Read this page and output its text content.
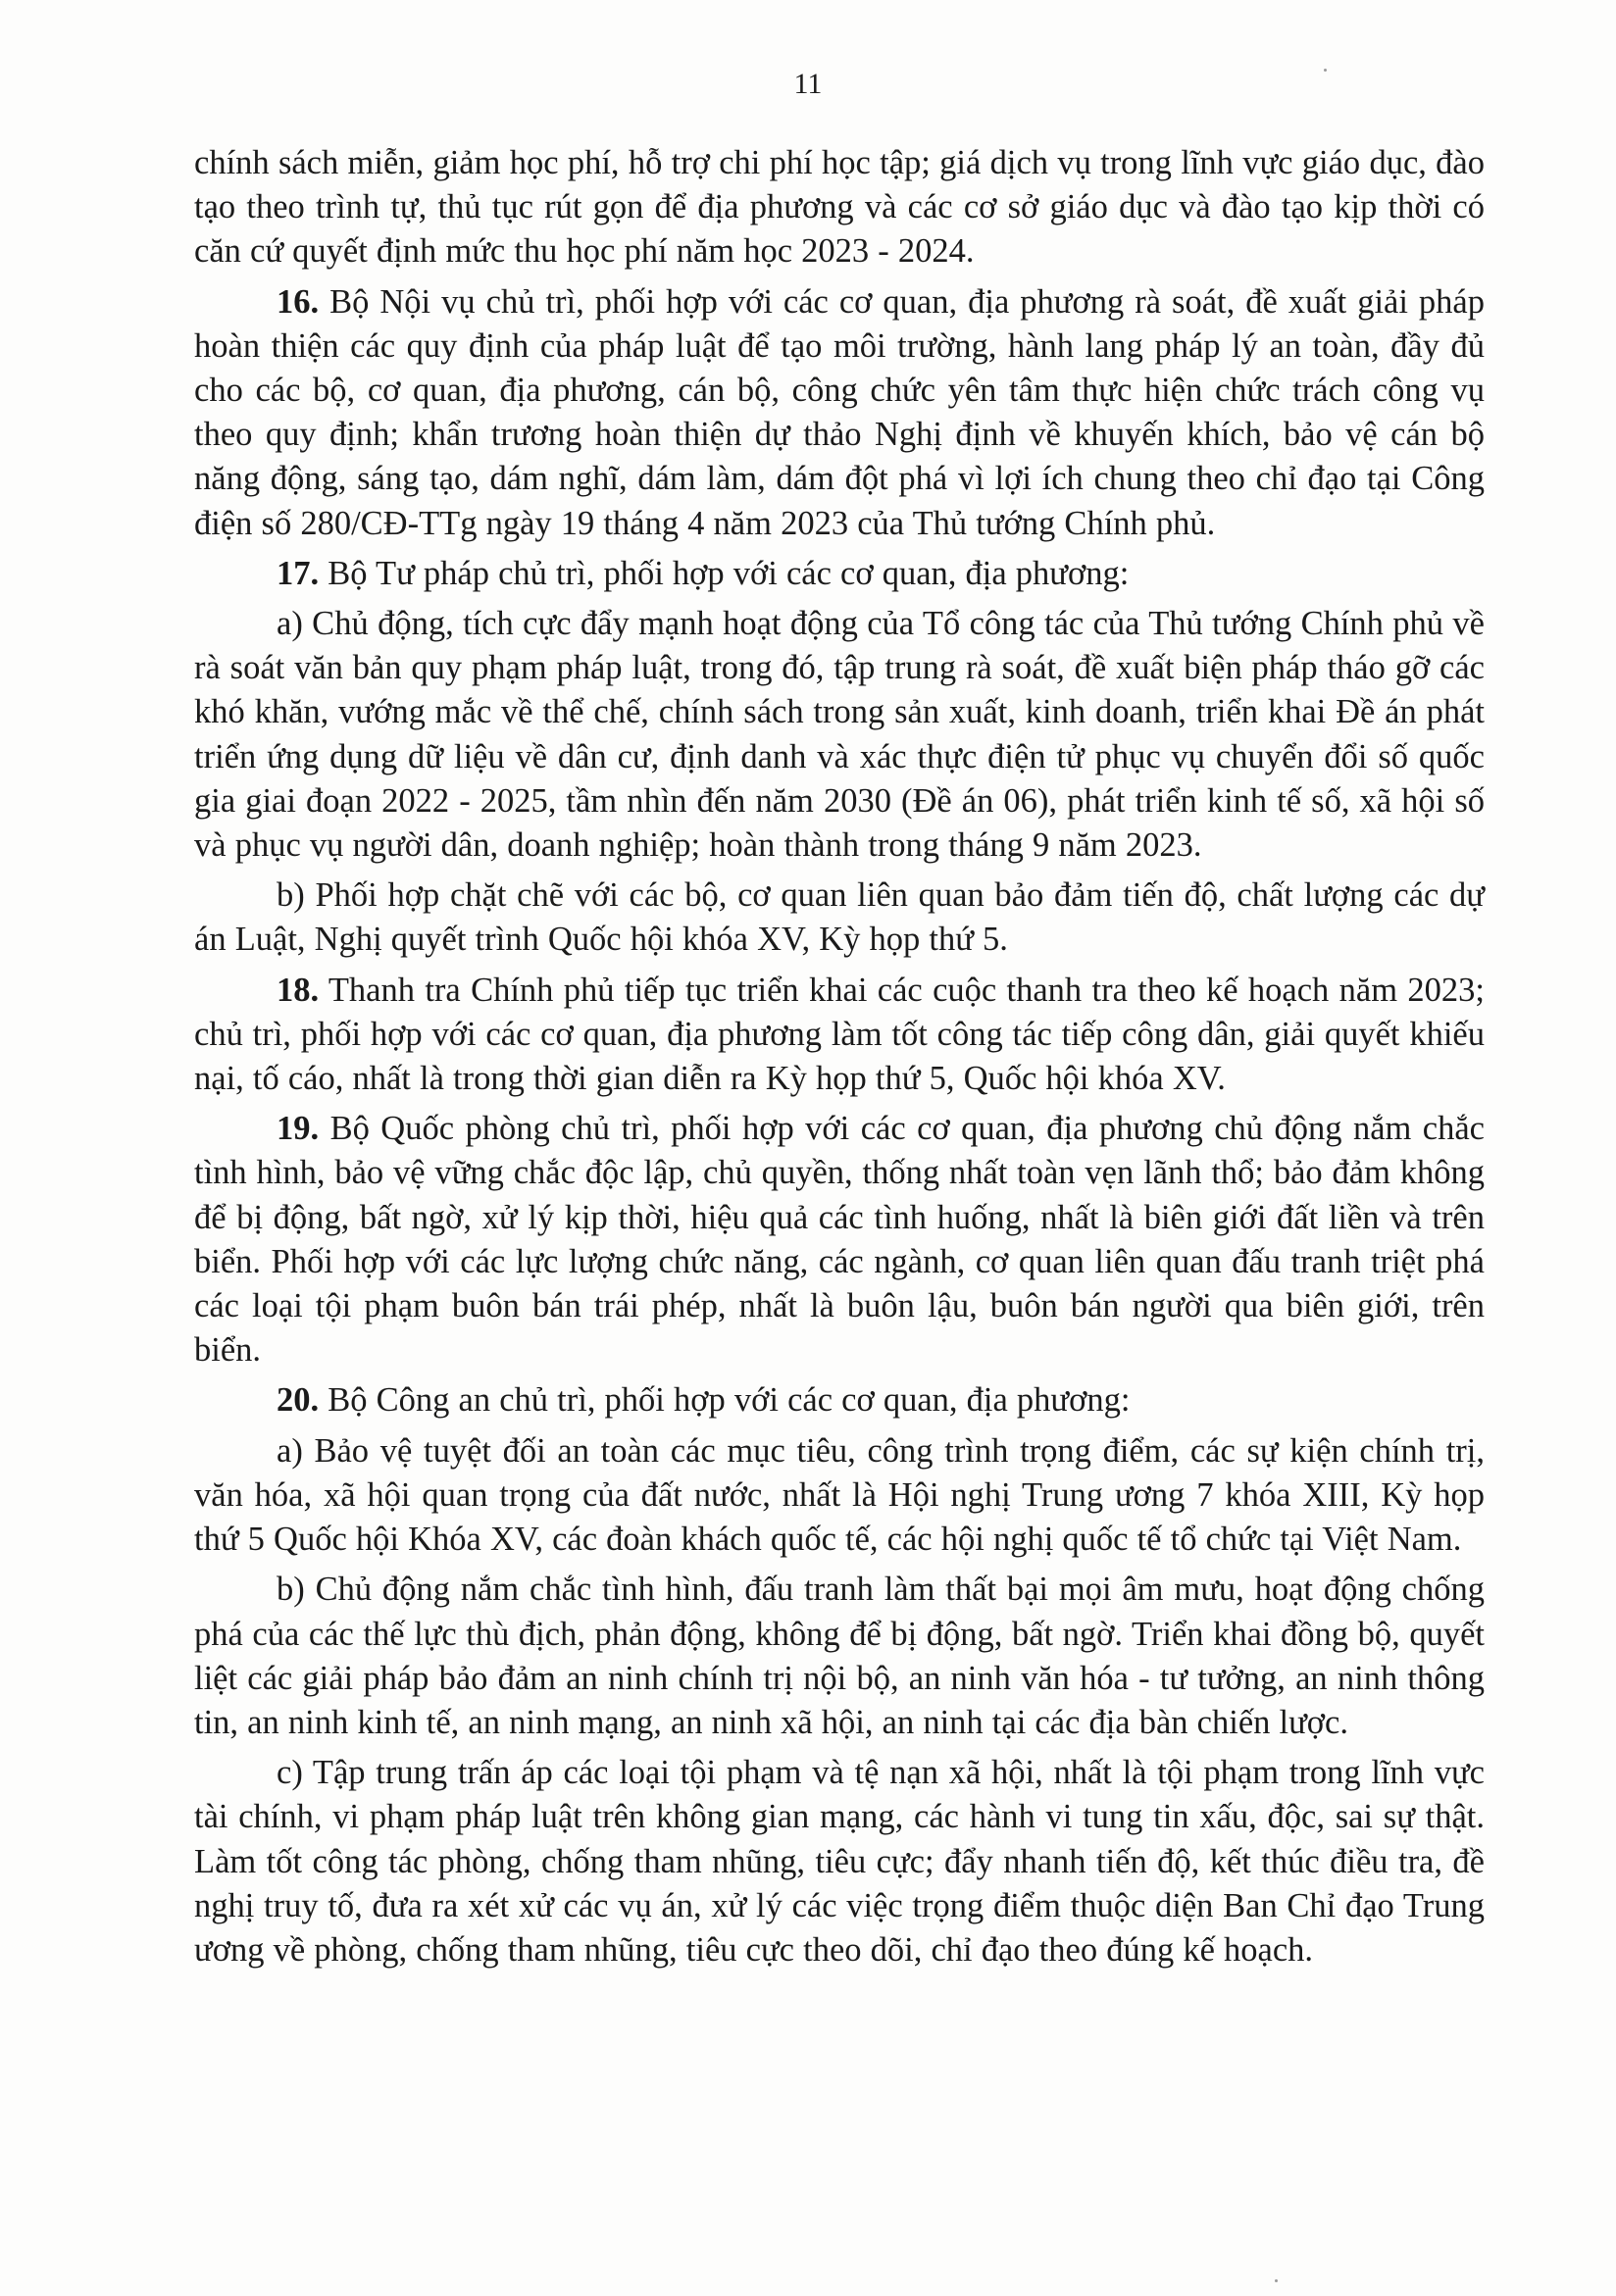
11

chính sách miễn, giảm học phí, hỗ trợ chi phí học tập; giá dịch vụ trong lĩnh vực giáo dục, đào tạo theo trình tự, thủ tục rút gọn để địa phương và các cơ sở giáo dục và đào tạo kịp thời có căn cứ quyết định mức thu học phí năm học 2023 - 2024.

16. Bộ Nội vụ chủ trì, phối hợp với các cơ quan, địa phương rà soát, đề xuất giải pháp hoàn thiện các quy định của pháp luật để tạo môi trường, hành lang pháp lý an toàn, đầy đủ cho các bộ, cơ quan, địa phương, cán bộ, công chức yên tâm thực hiện chức trách công vụ theo quy định; khẩn trương hoàn thiện dự thảo Nghị định về khuyến khích, bảo vệ cán bộ năng động, sáng tạo, dám nghĩ, dám làm, dám đột phá vì lợi ích chung theo chỉ đạo tại Công điện số 280/CĐ-TTg ngày 19 tháng 4 năm 2023 của Thủ tướng Chính phủ.

17. Bộ Tư pháp chủ trì, phối hợp với các cơ quan, địa phương:

a) Chủ động, tích cực đẩy mạnh hoạt động của Tổ công tác của Thủ tướng Chính phủ về rà soát văn bản quy phạm pháp luật, trong đó, tập trung rà soát, đề xuất biện pháp tháo gỡ các khó khăn, vướng mắc về thể chế, chính sách trong sản xuất, kinh doanh, triển khai Đề án phát triển ứng dụng dữ liệu về dân cư, định danh và xác thực điện tử phục vụ chuyển đổi số quốc gia giai đoạn 2022 - 2025, tầm nhìn đến năm 2030 (Đề án 06), phát triển kinh tế số, xã hội số và phục vụ người dân, doanh nghiệp; hoàn thành trong tháng 9 năm 2023.

b) Phối hợp chặt chẽ với các bộ, cơ quan liên quan bảo đảm tiến độ, chất lượng các dự án Luật, Nghị quyết trình Quốc hội khóa XV, Kỳ họp thứ 5.

18. Thanh tra Chính phủ tiếp tục triển khai các cuộc thanh tra theo kế hoạch năm 2023; chủ trì, phối hợp với các cơ quan, địa phương làm tốt công tác tiếp công dân, giải quyết khiếu nại, tố cáo, nhất là trong thời gian diễn ra Kỳ họp thứ 5, Quốc hội khóa XV.

19. Bộ Quốc phòng chủ trì, phối hợp với các cơ quan, địa phương chủ động nắm chắc tình hình, bảo vệ vững chắc độc lập, chủ quyền, thống nhất toàn vẹn lãnh thổ; bảo đảm không để bị động, bất ngờ, xử lý kịp thời, hiệu quả các tình huống, nhất là biên giới đất liền và trên biển. Phối hợp với các lực lượng chức năng, các ngành, cơ quan liên quan đấu tranh triệt phá các loại tội phạm buôn bán trái phép, nhất là buôn lậu, buôn bán người qua biên giới, trên biển.

20. Bộ Công an chủ trì, phối hợp với các cơ quan, địa phương:

a) Bảo vệ tuyệt đối an toàn các mục tiêu, công trình trọng điểm, các sự kiện chính trị, văn hóa, xã hội quan trọng của đất nước, nhất là Hội nghị Trung ương 7 khóa XIII, Kỳ họp thứ 5 Quốc hội Khóa XV, các đoàn khách quốc tế, các hội nghị quốc tế tổ chức tại Việt Nam.

b) Chủ động nắm chắc tình hình, đấu tranh làm thất bại mọi âm mưu, hoạt động chống phá của các thế lực thù địch, phản động, không để bị động, bất ngờ. Triển khai đồng bộ, quyết liệt các giải pháp bảo đảm an ninh chính trị nội bộ, an ninh văn hóa - tư tưởng, an ninh thông tin, an ninh kinh tế, an ninh mạng, an ninh xã hội, an ninh tại các địa bàn chiến lược.

c) Tập trung trấn áp các loại tội phạm và tệ nạn xã hội, nhất là tội phạm trong lĩnh vực tài chính, vi phạm pháp luật trên không gian mạng, các hành vi tung tin xấu, độc, sai sự thật. Làm tốt công tác phòng, chống tham nhũng, tiêu cực; đẩy nhanh tiến độ, kết thúc điều tra, đề nghị truy tố, đưa ra xét xử các vụ án, xử lý các việc trọng điểm thuộc diện Ban Chỉ đạo Trung ương về phòng, chống tham nhũng, tiêu cực theo dõi, chỉ đạo theo đúng kế hoạch.
